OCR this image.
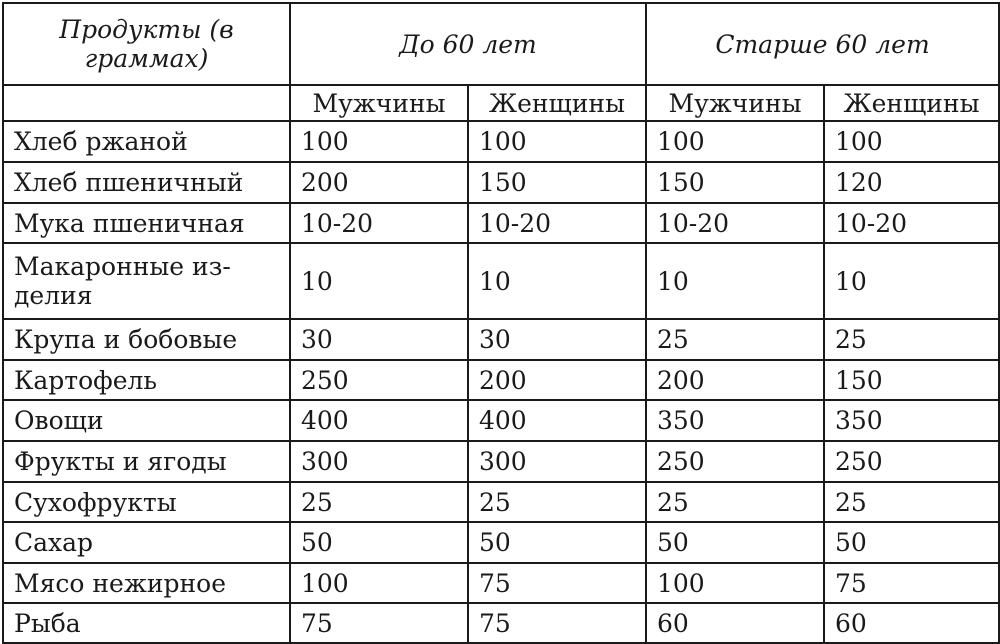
Продукты (в граммах)	До 60 лет		Старше 60 лет	
	Мужчины	Женщины	Мужчины	Женщины
Хлеб ржаной	100	100	100	100
Хлеб пшеничный	200	150	150	120
Мука пшеничная	10-20	10-20	10-20	10-20
Макаронные из-делия	10	10	10	10
Крупа и бобовые	30	30	25	25
Картофель	250	200	200	150
Овощи	400	400	350	350
Фрукты и ягоды	300	300	250	250
Сухофрукты	25	25	25	25
Сахар	50	50	50	50
Мясо нежирное	100	75	100	75
Рыба	75	75	60	60
